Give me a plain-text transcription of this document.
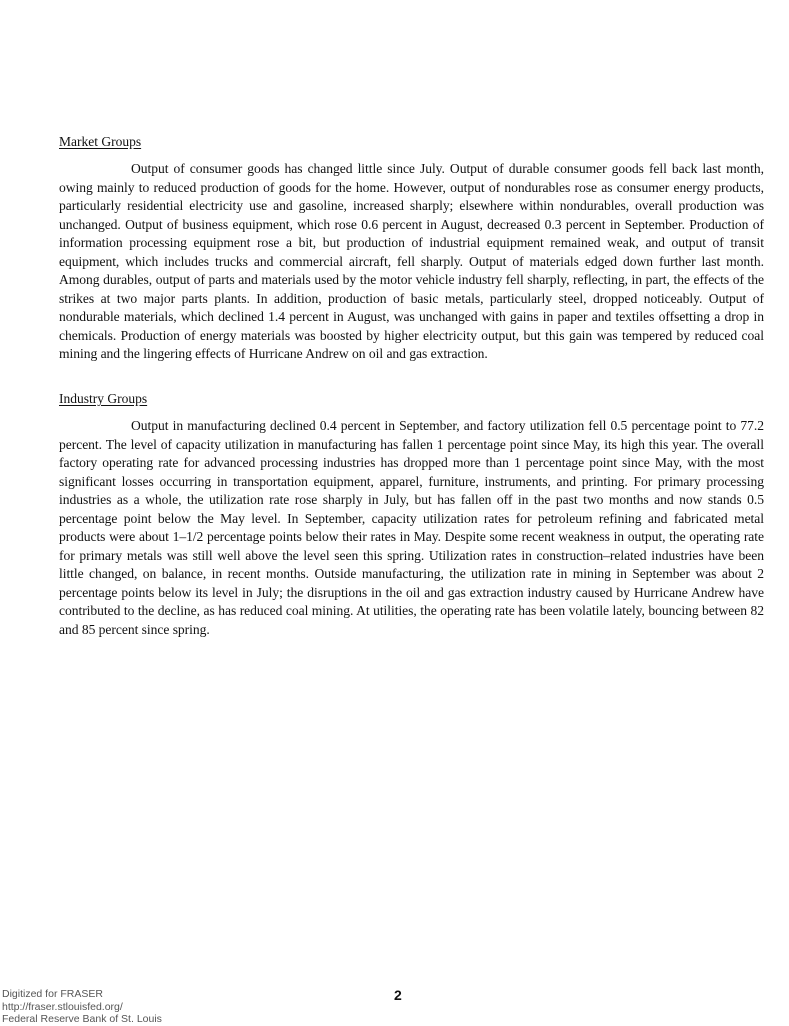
Market Groups

Output of consumer goods has changed little since July. Output of durable consumer goods fell back last month, owing mainly to reduced production of goods for the home. However, output of nondurables rose as consumer energy products, particularly residential electricity use and gasoline, increased sharply; elsewhere within nondurables, overall production was unchanged. Output of business equipment, which rose 0.6 percent in August, decreased 0.3 percent in September. Production of information processing equipment rose a bit, but production of industrial equipment remained weak, and output of transit equipment, which includes trucks and commercial aircraft, fell sharply. Output of materials edged down further last month. Among durables, output of parts and materials used by the motor vehicle industry fell sharply, reflecting, in part, the effects of the strikes at two major parts plants. In addition, production of basic metals, particularly steel, dropped noticeably. Output of nondurable materials, which declined 1.4 percent in August, was unchanged with gains in paper and textiles offsetting a drop in chemicals. Production of energy materials was boosted by higher electricity output, but this gain was tempered by reduced coal mining and the lingering effects of Hurricane Andrew on oil and gas extraction.

Industry Groups

Output in manufacturing declined 0.4 percent in September, and factory utilization fell 0.5 percentage point to 77.2 percent. The level of capacity utilization in manufacturing has fallen 1 percentage point since May, its high this year. The overall factory operating rate for advanced processing industries has dropped more than 1 percentage point since May, with the most significant losses occurring in transportation equipment, apparel, furniture, instruments, and printing. For primary processing industries as a whole, the utilization rate rose sharply in July, but has fallen off in the past two months and now stands 0.5 percentage point below the May level. In September, capacity utilization rates for petroleum refining and fabricated metal products were about 1–1/2 percentage points below their rates in May. Despite some recent weakness in output, the operating rate for primary metals was still well above the level seen this spring. Utilization rates in construction–related industries have been little changed, on balance, in recent months. Outside manufacturing, the utilization rate in mining in September was about 2 percentage points below its level in July; the disruptions in the oil and gas extraction industry caused by Hurricane Andrew have contributed to the decline, as has reduced coal mining. At utilities, the operating rate has been volatile lately, bouncing between 82 and 85 percent since spring.

2
Digitized for FRASER
http://fraser.stlouisfed.org/
Federal Reserve Bank of St. Louis
